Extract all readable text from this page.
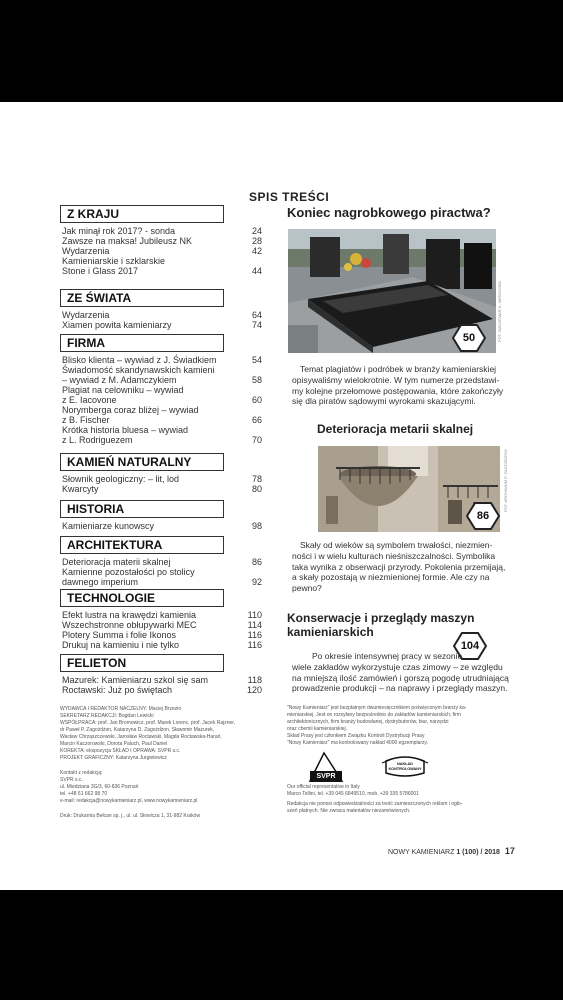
SPIS TREŚCI
Z KRAJU
Jak minął rok 2017? - sonda	24
Zawsze na maksa! Jubileusz NK	28
Wydarzenia	42
Kamieniarskie i szklarskie
Stone i Glass 2017	44
ZE ŚWIATA
Wydarzenia	64
Xiamen powita kamieniarzy	74
FIRMA
Blisko klienta – wywiad z J. Świadkiem	54
Świadomość skandynawskich kamieni
– wywiad z M. Adamczykiem	58
Plagiat na celowniku – wywiad
z E. Iacovone	60
Norymberga coraz bliżej – wywiad
z B. Fischer	66
Krótka historia bluesa – wywiad
z L. Rodriguezem	70
KAMIEŃ NATURALNY
Słownik geologiczny: – lit, lod	78
Kwarcyty	80
HISTORIA
Kamieniarze kunowscy	98
ARCHITEKTURA
Deterioracja materii skalnej	86
Kamienne pozostałości po stolicy
dawnego imperium	92
TECHNOLOGIE
Efekt lustra na krawędzi kamienia	110
Wszechstronne obłupywarki MEC	114
Plotery Summa i folie Ikonos	116
Drukuj na kamieniu i nie tylko	116
FELIETON
Mazurek: Kamieniarzu szkol się sam	118
Roctawski: Już po świętach	120
WYDAWCA I REDAKTOR NACZELNY: Maciej Brzezio
SEKRETARZ REDAKCJI: Bogdan Lewicki
WSPÓŁPRACA: prof. Jan Bromowicz, prof. Marek Lorenc, prof. Jacek Rajzner,
dr Paweł P. Zagożdżon, Katarzyna D. Zagożdżon, Sławomir Mazurek,
Wacław Chrząszczewski, Jarosław Roctawski, Magda Roctawska-Harań,
Marcin Kaczorowski, Dorota Paluch, Paul Daniel
KOREKTA: ekspozycja SKŁAD I OPRAWA: SVPR s.c.
PROJEKT GRAFICZNY: Katarzyna Jurgielewicz
Kontakt z redakcją:
SVPR s.c.
ul. Miedziana 3G/3, 60-836 Poznań
tel. +48 61 662 98 70
e-mail: redakcja@nowykamieniarz.pl, www.nowykamieniarz.pl
Druk: Drukarnia Bełcan sp. j., ul. ul. Słowicza 1, 31-982 Kraków
Koniec nagrobkowego piractwa?
FOT. WALDEMAR K. MIRGANSKI
50
Temat plagiatów i podróbek w branży kamieniarskiej
opisywaliśmy wielokrotnie. W tym numerze przedstawi-
my kolejne przełomowe postępowania, które zakończyły
się dla piratów sądowymi wyrokami skazującymi.
Deterioracja metarii skalnej
FOT. ARCHIWUM P. ZAGOŻDŻON
86
Skały od wieków są symbolem trwałości, niezmien-
ności i w wielu kulturach nieśniszczalności. Symbolika
taka wynika z obserwacji przyrody. Pokolenia przemijają,
a skały pozostają w niezmienionej formie. Ale czy na
pewno?
Konserwacje i przeglądy maszyn
kamieniarskich
104
Po okresie intensywnej pracy w sezonie
wiele zakładów wykorzystuje czas zimowy – ze względu
na mniejszą ilość zamówień i gorszą pogodę utrudniającą
prowadzenie produkcji – na naprawy i przeglądy maszyn.
"Nowy Kamieniarz" jest bezpłatnym dwumiesięcznikiem poświęconym branży ka-
mieniarskiej. Jest on rozsyłany bezpośrednio do zakładów kamieniarskich, firm
architektonicznych, firm branży budowlanej, dystrybutorów, biur, narzędzi
oraz chemii kamieniarskiej.
Skład Prasy jest członkiem Związku Kontroli Dystrybucji Prasy
"Nowy Kamieniarz" ma kontrolowany nakład 4000 egzemplarzy.
SVPR
NAKŁAD KONTROLOWANY
Our official representative in Italy
Marco Tellini, tel. +39 045 6849510, mob. +39 335 5786001
Redakcja nie ponosi odpowiedzialności za treść zamieszczonych reklam i ogło-
szeń płatnych. Nie zwraca materiałów niezamówionych.
NOWY KAMIENIARZ 1 (100) / 2018 17
